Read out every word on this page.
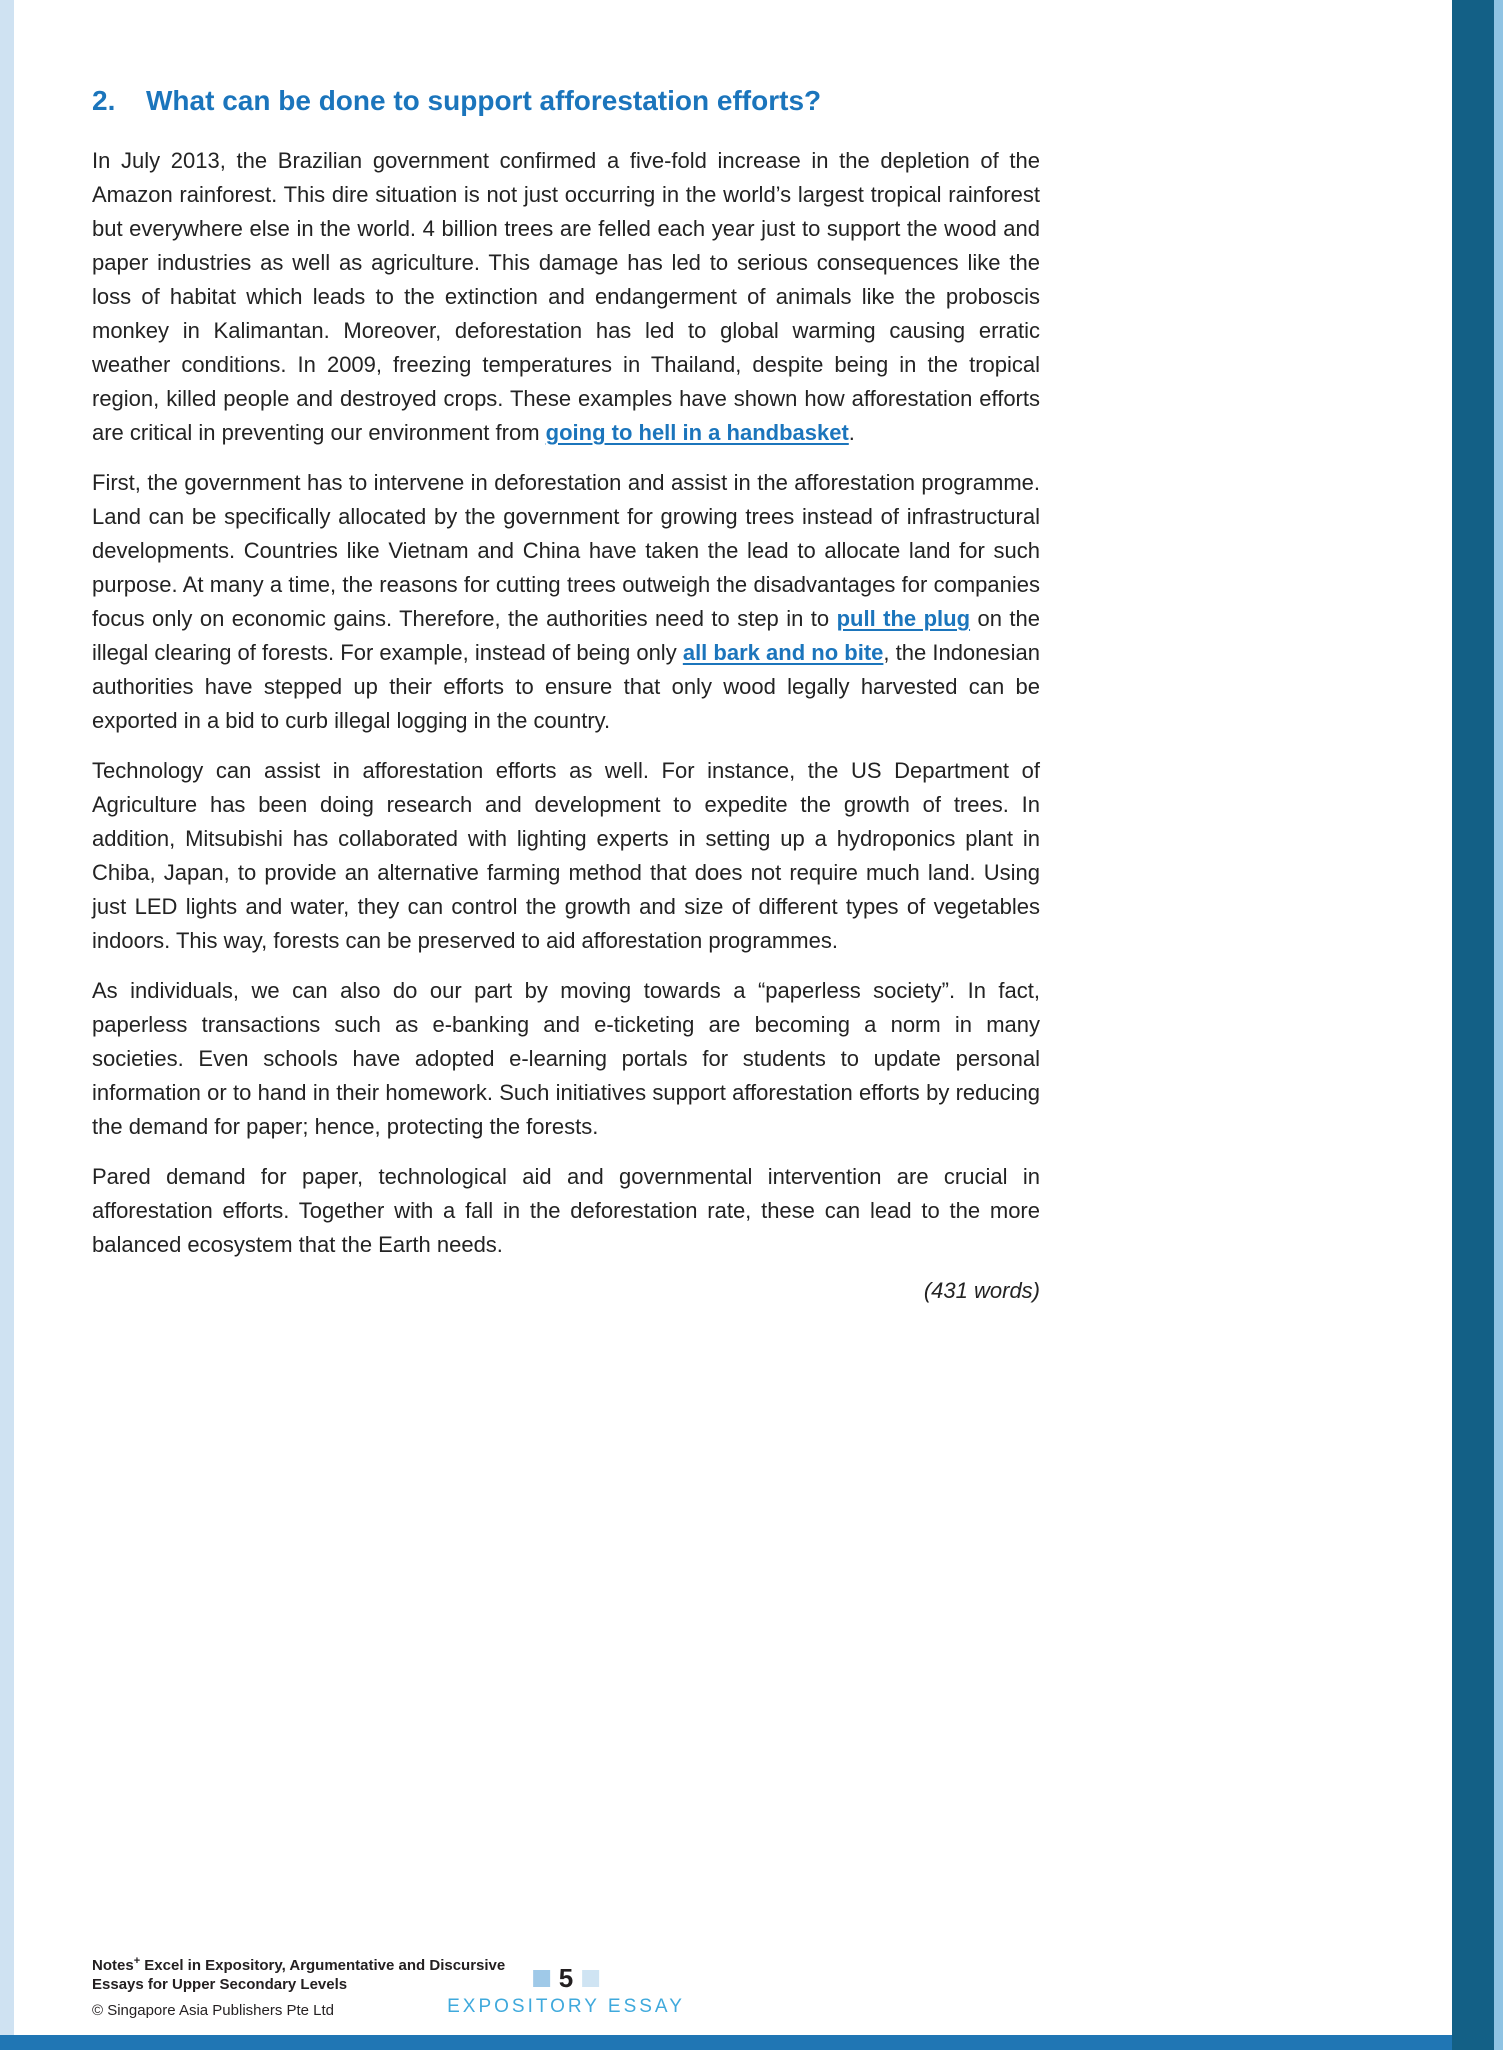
2.	What can be done to support afforestation efforts?

In July 2013, the Brazilian government confirmed a five-fold increase in the depletion of the Amazon rainforest. This dire situation is not just occurring in the world’s largest tropical rainforest but everywhere else in the world. 4 billion trees are felled each year just to support the wood and paper industries as well as agriculture. This damage has led to serious consequences like the loss of habitat which leads to the extinction and endangerment of animals like the proboscis monkey in Kalimantan. Moreover, deforestation has led to global warming causing erratic weather conditions. In 2009, freezing temperatures in Thailand, despite being in the tropical region, killed people and destroyed crops. These examples have shown how afforestation efforts are critical in preventing our environment from going to hell in a handbasket.

First, the government has to intervene in deforestation and assist in the afforestation programme. Land can be specifically allocated by the government for growing trees instead of infrastructural developments. Countries like Vietnam and China have taken the lead to allocate land for such purpose. At many a time, the reasons for cutting trees outweigh the disadvantages for companies focus only on economic gains. Therefore, the authorities need to step in to pull the plug on the illegal clearing of forests. For example, instead of being only all bark and no bite, the Indonesian authorities have stepped up their efforts to ensure that only wood legally harvested can be exported in a bid to curb illegal logging in the country.

Technology can assist in afforestation efforts as well. For instance, the US Department of Agriculture has been doing research and development to expedite the growth of trees. In addition, Mitsubishi has collaborated with lighting experts in setting up a hydroponics plant in Chiba, Japan, to provide an alternative farming method that does not require much land. Using just LED lights and water, they can control the growth and size of different types of vegetables indoors. This way, forests can be preserved to aid afforestation programmes.

As individuals, we can also do our part by moving towards a “paperless society”. In fact, paperless transactions such as e-banking and e-ticketing are becoming a norm in many societies. Even schools have adopted e-learning portals for students to update personal information or to hand in their homework. Such initiatives support afforestation efforts by reducing the demand for paper; hence, protecting the forests.

Pared demand for paper, technological aid and governmental intervention are crucial in afforestation efforts. Together with a fall in the deforestation rate, these can lead to the more balanced ecosystem that the Earth needs.

(431 words)
Notes+ Excel in Expository, Argumentative and Discursive
Essays for Upper Secondary Levels
© Singapore Asia Publishers Pte Ltd
5
EXPOSITORY ESSAY
